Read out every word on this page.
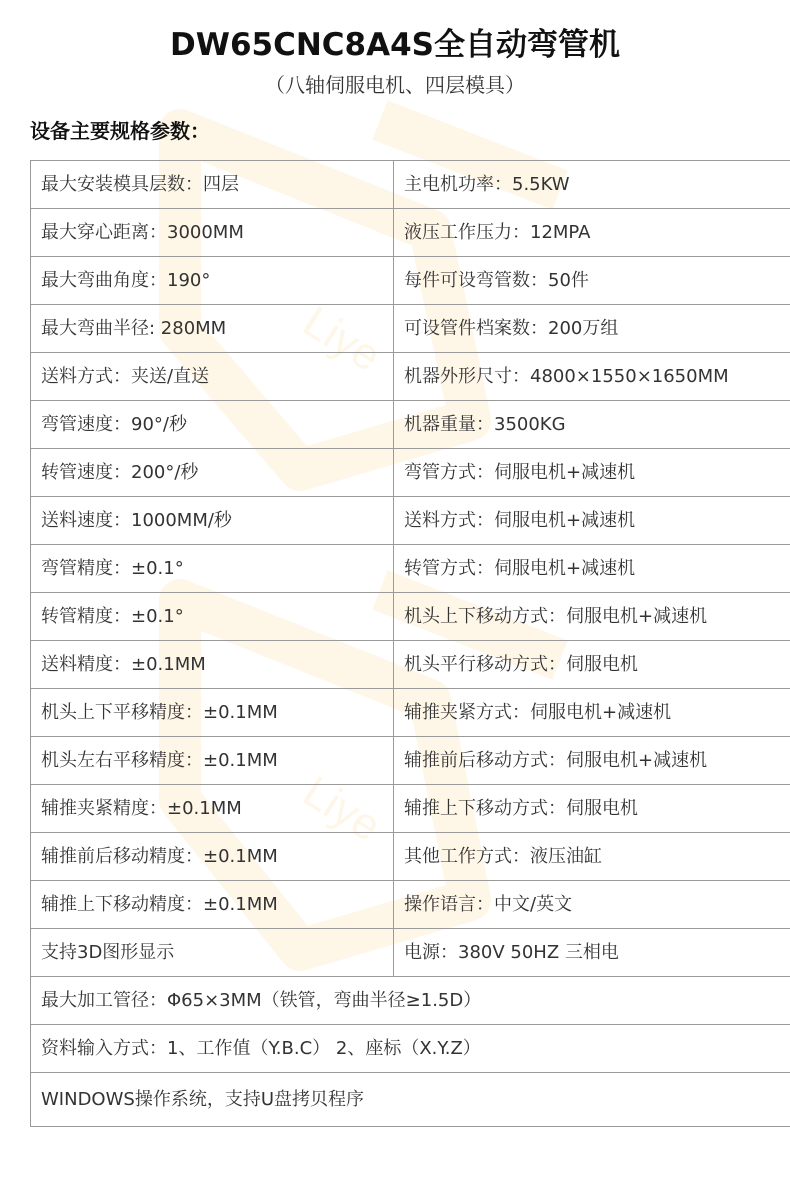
Liye
Liye
DW65CNC8A4S全自动弯管机
（八轴伺服电机、四层模具）
设备主要规格参数：
最大安装模具层数：四层	主电机功率：5.5KW
最大穿心距离：3000MM	液压工作压力：12MPA
最大弯曲角度：190°	每件可设弯管数：50件
最大弯曲半径: 280MM	可设管件档案数：200万组
送料方式：夹送/直送	机器外形尺寸：4800×1550×1650MM
弯管速度：90°/秒	机器重量：3500KG
转管速度：200°/秒	弯管方式：伺服电机+减速机
送料速度：1000MM/秒	送料方式：伺服电机+减速机
弯管精度：±0.1°	转管方式：伺服电机+减速机
转管精度：±0.1°	机头上下移动方式：伺服电机+减速机
送料精度：±0.1MM	机头平行移动方式：伺服电机
机头上下平移精度：±0.1MM	辅推夹紧方式：伺服电机+减速机
机头左右平移精度：±0.1MM	辅推前后移动方式：伺服电机+减速机
辅推夹紧精度：±0.1MM	辅推上下移动方式：伺服电机
辅推前后移动精度：±0.1MM	其他工作方式：液压油缸
辅推上下移动精度：±0.1MM	操作语言：中文/英文
支持3D图形显示	电源：380V 50HZ 三相电
最大加工管径：Φ65×3MM（铁管，弯曲半径≥1.5D）	
资料输入方式：1、工作值（Y.B.C） 2、座标（X.Y.Z）	
WINDOWS操作系统，支持U盘拷贝程序	
